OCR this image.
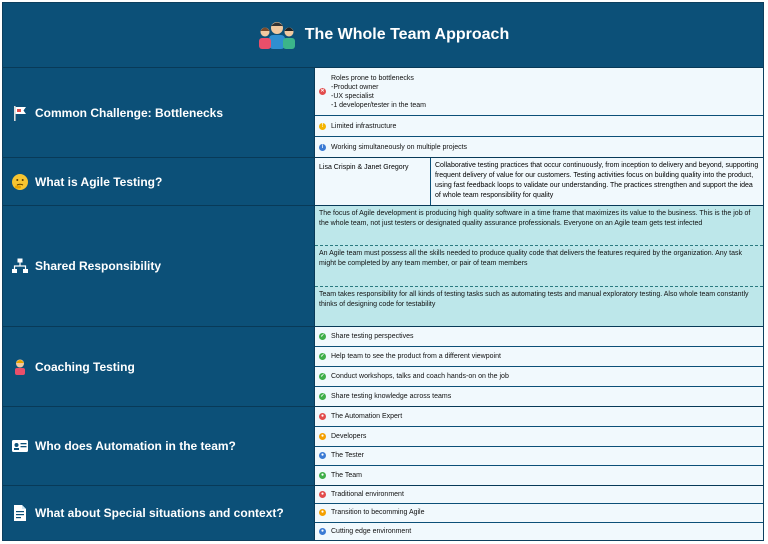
The Whole Team Approach
Common Challenge: Bottlenecks
✕
Roles prone to bottlenecks
-Product owner
-UX specialist
-1 developer/tester in the team
!	Limited infrastructure
i	Working simultaneously on multiple projects
What is Agile Testing?
Lisa Crispin & Janet Gregory	Collaborative testing practices that occur continuously, from inception to delivery and beyond, supporting frequent delivery of value for our customers. Testing activities focus on building quality into the product, using fast feedback loops to validate our understanding. The practices strengthen and support the idea of whole team responsibility for quality
Shared Responsibility
The focus of Agile development is producing high quality software in a time frame that maximizes its value to the business. This is the job of the whole team, not just testers or designated quality assurance professionals. Everyone on an Agile team gets test infected
An Agile team must possess all the skills needed to produce quality code that delivers the features required by the organization. Any task might be completed by any team member, or pair of team members
Team takes responsibility for all kinds of testing tasks such as automating tests and manual exploratory testing. Also whole team constantly thinks of designing code for testability
Coaching Testing
✓ Share testing perspectives
✓ Help team to see the product from a different viewpoint
✓ Conduct workshops, talks and coach hands-on on the job
✓ Share testing knowledge across teams
Who does Automation in the team?
● The Automation Expert
● Developers
● The Tester
● The Team
What about Special situations and context?
● Traditional environment
● Transition to becomming Agile
● Cutting edge environment
